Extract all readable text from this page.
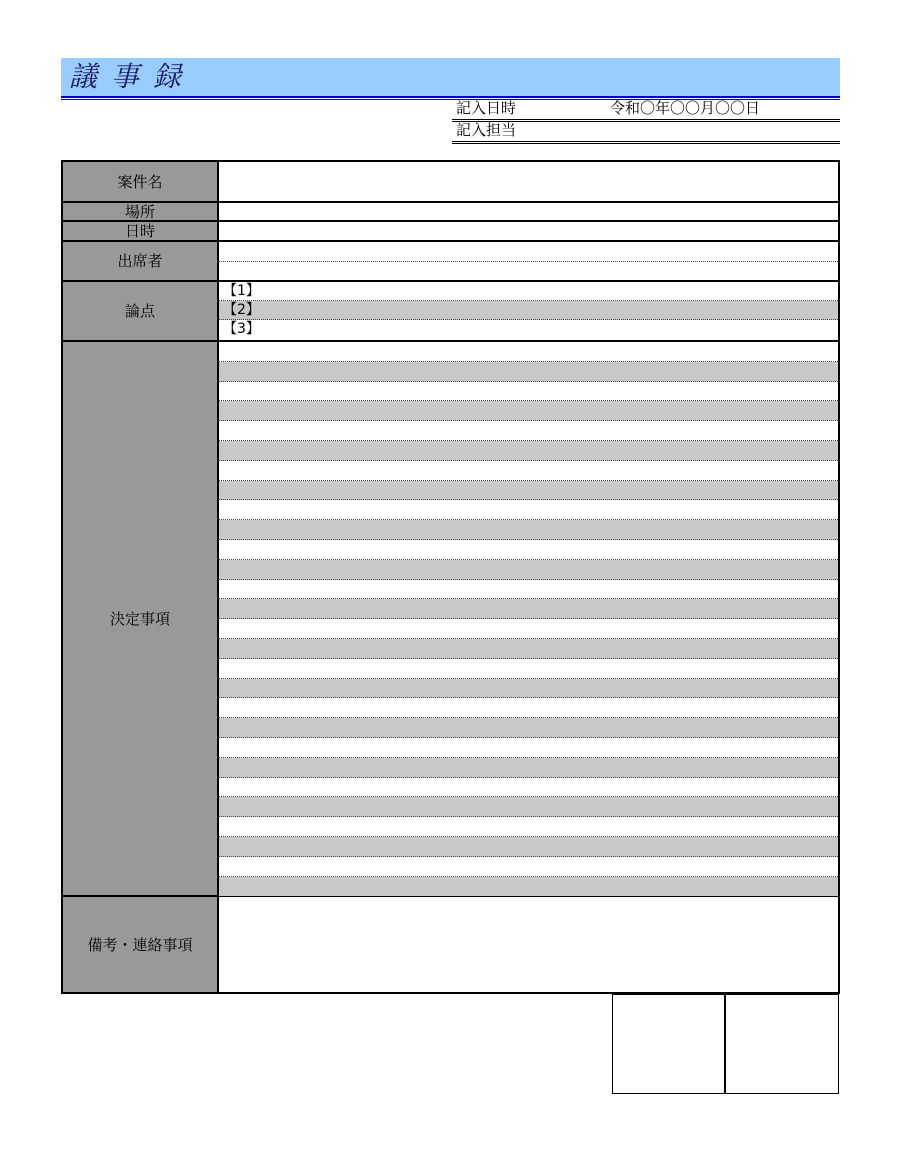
議事録
記入日時	令和〇年〇〇月〇〇日
記入担当
案件名
場所
日時
出席者
論点
【1】
【2】
【3】
決定事項
備考・連絡事項
